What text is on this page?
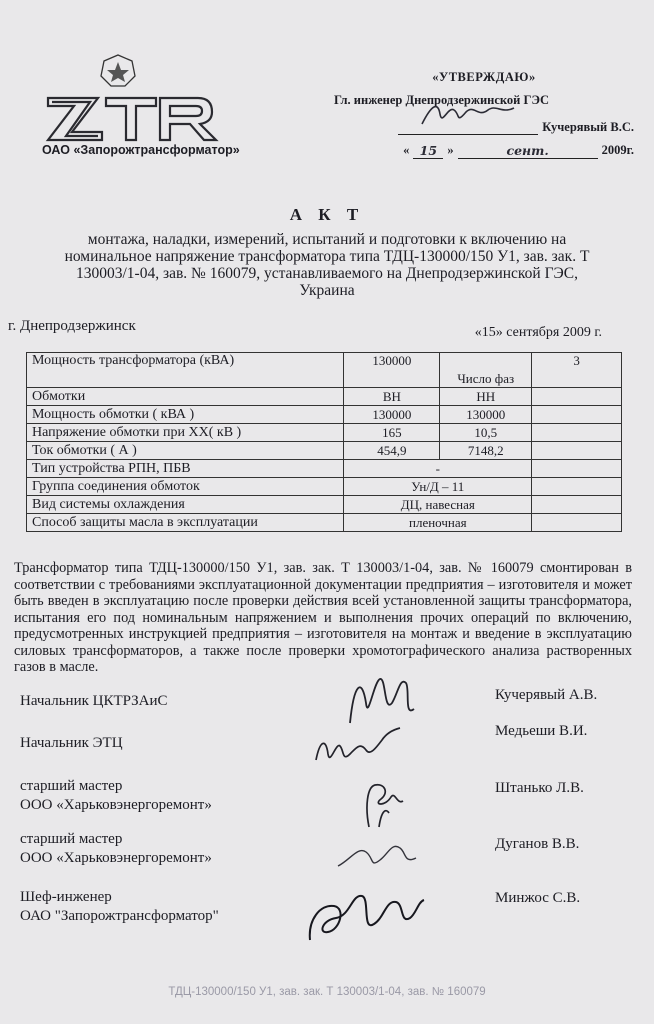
ОАО «Запорожтрансформатор»
«УТВЕРЖДАЮ»
Гл. инженер Днепродзержинской ГЭС
Кучерявый В.С.
« 15 »	сент.	2009г.
А К Т
монтажа, наладки, измерений, испытаний и подготовки к включению на
номинальное напряжение трансформатора типа ТДЦ-130000/150 У1, зав. зак. Т
130003/1-04, зав. № 160079, устанавливаемого на Днепродзержинской ГЭС,
Украина
г. Днепродзержинск	«15» сентября 2009 г.
Мощность трансформатора (кВА)	130000	Число фаз	3
Обмотки	ВН	НН	
Мощность обмотки ( кВА )	130000	130000	
Напряжение обмотки при ХХ( кВ )	165	10,5	
Ток обмотки ( А )	454,9	7148,2	
Тип устройства РПН, ПБВ	-		
Группа соединения обмоток	Ун/Д – 11		
Вид системы охлаждения	ДЦ, навесная		
Способ защиты масла в эксплуатации	пленочная		
Трансформатор типа ТДЦ-130000/150 У1, зав. зак. Т 130003/1-04, зав. № 160079 смонтирован в соответствии с требованиями эксплуатационной документации предприятия – изготовителя и может быть введен в эксплуатацию после проверки действия всей установленной защиты трансформатора, испытания его под номинальным напряжением и выполнения прочих операций по включению, предусмотренных инструкцией предприятия – изготовителя на монтаж и введение в эксплуатацию силовых трансформаторов, а также после проверки хромотографического анализа растворенных газов в масле.
Начальник ЦКТРЗАиС	Кучерявый А.В.
Начальник ЭТЦ
Медьеши В.И.
старший мастер
ООО «Харьковэнергоремонт»
Штанько Л.В.
старший мастер
ООО «Харьковэнергоремонт»
Дуганов В.В.
Шеф-инженер
ОАО "Запорожтрансформатор"
Минжос С.В.
ТДЦ-130000/150 У1, зав. зак. Т 130003/1-04, зав. № 160079
